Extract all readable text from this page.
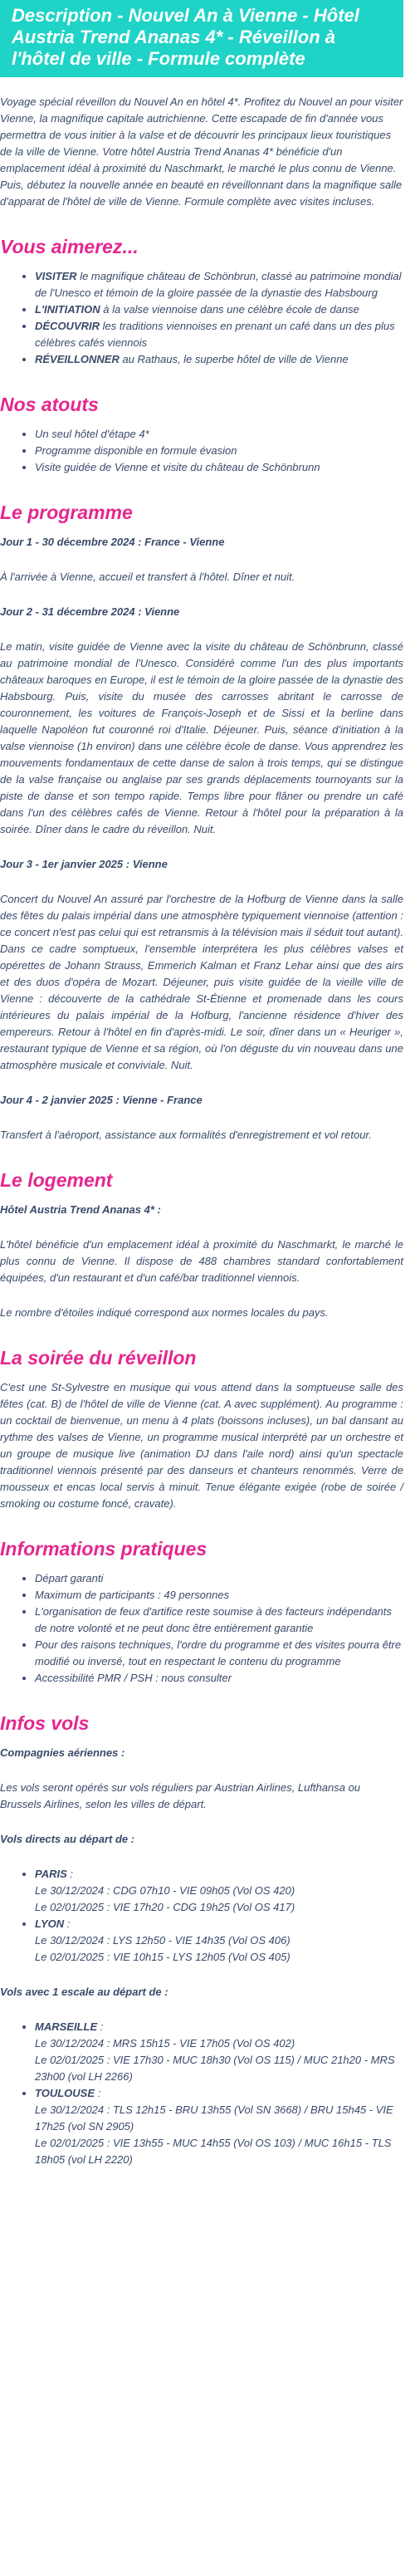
Description - Nouvel An à Vienne - Hôtel Austria Trend Ananas 4* - Réveillon à l'hôtel de ville - Formule complète

Voyage spécial réveillon du Nouvel An en hôtel 4*. Profitez du Nouvel an pour visiter Vienne, la magnifique capitale autrichienne. Cette escapade de fin d'année vous permettra de vous initier à la valse et de découvrir les principaux lieux touristiques de la ville de Vienne. Votre hôtel Austria Trend Ananas 4* bénéficie d'un emplacement idéal à proximité du Naschmarkt, le marché le plus connu de Vienne. Puis, débutez la nouvelle année en beauté en réveillonnant dans la magnifique salle d'apparat de l'hôtel de ville de Vienne. Formule complète avec visites incluses.

Vous aimerez...
• VISITER le magnifique château de Schönbrun, classé au patrimoine mondial de l'Unesco et témoin de la gloire passée de la dynastie des Habsbourg
• L'INITIATION à la valse viennoise dans une célèbre école de danse
• DÉCOUVRIR les traditions viennoises en prenant un café dans un des plus célèbres cafés viennois
• RÉVEILLONNER au Rathaus, le superbe hôtel de ville de Vienne
Nos atouts
• Un seul hôtel d'étape 4*
• Programme disponible en formule évasion
• Visite guidée de Vienne et visite du château de Schönbrunn
Le programme
Jour 1 - 30 décembre 2024 : France - Vienne

À l'arrivée à Vienne, accueil et transfert à l'hôtel. Dîner et nuit.

Jour 2 - 31 décembre 2024 : Vienne

Le matin, visite guidée de Vienne avec la visite du château de Schönbrunn, classé au patrimoine mondial de l'Unesco. Considéré comme l'un des plus importants châteaux baroques en Europe, il est le témoin de la gloire passée de la dynastie des Habsbourg. Puis, visite du musée des carrosses abritant le carrosse de couronnement, les voitures de François-Joseph et de Sissi et la berline dans laquelle Napoléon fut couronné roi d'Italie. Déjeuner. Puis, séance d'initiation à la valse viennoise (1h environ) dans une célèbre école de danse. Vous apprendrez les mouvements fondamentaux de cette danse de salon à trois temps, qui se distingue de la valse française ou anglaise par ses grands déplacements tournoyants sur la piste de danse et son tempo rapide. Temps libre pour flâner ou prendre un café dans l'un des célèbres cafés de Vienne. Retour à l'hôtel pour la préparation à la soirée. Dîner dans le cadre du réveillon. Nuit.

Jour 3 - 1er janvier 2025 : Vienne

Concert du Nouvel An assuré par l'orchestre de la Hofburg de Vienne dans la salle des fêtes du palais impérial dans une atmosphère typiquement viennoise (attention : ce concert n'est pas celui qui est retransmis à la télévision mais il séduit tout autant). Dans ce cadre somptueux, l'ensemble interprétera les plus célèbres valses et opérettes de Johann Strauss, Emmerich Kalman et Franz Lehar ainsi que des airs et des duos d'opéra de Mozart. Déjeuner, puis visite guidée de la vieille ville de Vienne : découverte de la cathédrale St-Étienne et promenade dans les cours intérieures du palais impérial de la Hofburg, l'ancienne résidence d'hiver des empereurs. Retour à l'hôtel en fin d'après-midi. Le soir, dîner dans un « Heuriger », restaurant typique de Vienne et sa région, où l'on déguste du vin nouveau dans une atmosphère musicale et conviviale. Nuit.

Jour 4 - 2 janvier 2025 : Vienne - France

Transfert à l'aéroport, assistance aux formalités d'enregistrement et vol retour.

Le logement
Hôtel Austria Trend Ananas 4* :

L'hôtel bénéficie d'un emplacement idéal à proximité du Naschmarkt, le marché le plus connu de Vienne. Il dispose de 488 chambres standard confortablement équipées, d'un restaurant et d'un café/bar traditionnel viennois.

Le nombre d'étoiles indiqué correspond aux normes locales du pays.

La soirée du réveillon

C'est une St-Sylvestre en musique qui vous attend dans la somptueuse salle des fêtes (cat. B) de l'hôtel de ville de Vienne (cat. A avec supplément). Au programme : un cocktail de bienvenue, un menu à 4 plats (boissons incluses), un bal dansant au rythme des valses de Vienne, un programme musical interprété par un orchestre et un groupe de musique live (animation DJ dans l'aile nord) ainsi qu'un spectacle traditionnel viennois présenté par des danseurs et chanteurs renommés. Verre de mousseux et encas local servis à minuit. Tenue élégante exigée (robe de soirée / smoking ou costume foncé, cravate).

Informations pratiques
• Départ garanti
• Maximum de participants : 49 personnes
• L'organisation de feux d'artifice reste soumise à des facteurs indépendants de notre volonté et ne peut donc être entièrement garantie
• Pour des raisons techniques, l'ordre du programme et des visites pourra être modifié ou inversé, tout en respectant le contenu du programme
• Accessibilité PMR / PSH : nous consulter
Infos vols
Compagnies aériennes :

Les vols seront opérés sur vols réguliers par Austrian Airlines, Lufthansa ou Brussels Airlines, selon les villes de départ.

Vols directs au départ de :
• PARIS :
Le 30/12/2024 : CDG 07h10 - VIE 09h05 (Vol OS 420)
Le 02/01/2025 : VIE 17h20 - CDG 19h25 (Vol OS 417)
• LYON :
Le 30/12/2024 : LYS 12h50 - VIE 14h35 (Vol OS 406)
Le 02/01/2025 : VIE 10h15 - LYS 12h05 (Vol OS 405)
Vols avec 1 escale au départ de :
• MARSEILLE :
Le 30/12/2024 : MRS 15h15 - VIE 17h05 (Vol OS 402)
Le 02/01/2025 : VIE 17h30 - MUC 18h30 (Vol OS 115) / MUC 21h20 - MRS 23h00 (vol LH 2266)
• TOULOUSE :
Le 30/12/2024 : TLS 12h15 - BRU 13h55 (Vol SN 3668) / BRU 15h45 - VIE 17h25 (vol SN 2905)
Le 02/01/2025 : VIE 13h55 - MUC 14h55 (Vol OS 103) / MUC 16h15 - TLS 18h05 (vol LH 2220)
